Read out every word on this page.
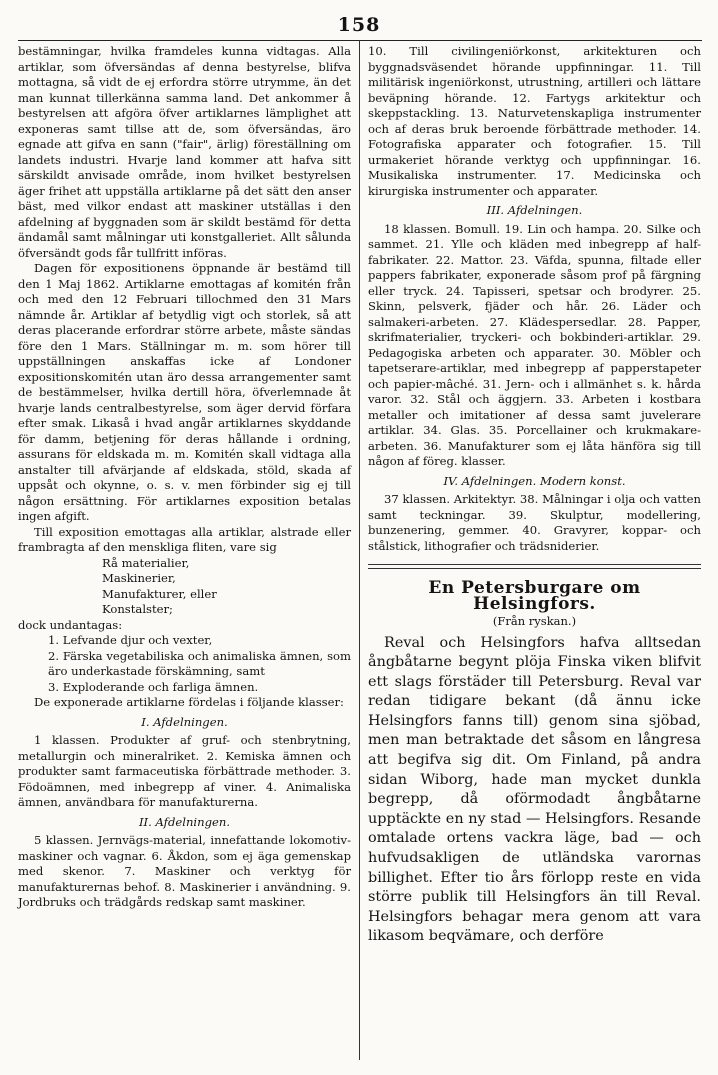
158

bestämningar, hvilka framdeles kunna vidtagas. Alla artiklar, som öfversändas af denna bestyrelse, blifva mottagna, så vidt de ej erfordra större utrymme, än det man kunnat tillerkänna samma land. Det ankommer å bestyrelsen att afgöra öfver artiklarnes lämplighet att exponeras samt tillse att de, som öfversändas, äro egnade att gifva en sann ("fair", ärlig) föreställning om landets industri. Hvarje land kommer att hafva sitt särskildt anvisade område, inom hvilket bestyrelsen äger frihet att uppställa artiklarne på det sätt den anser bäst, med vilkor endast att maskiner utställas i den afdelning af byggnaden som är skildt bestämd för detta ändamål samt målningar uti konstgalleriet. Allt sålunda öfversändt gods får tullfritt införas.

Dagen för expositionens öppnande är bestämd till den 1 Maj 1862. Artiklarne emottagas af komitén från och med den 12 Februari tillochmed den 31 Mars nämnde år. Artiklar af betydlig vigt och storlek, så att deras placerande erfordrar större arbete, måste sändas före den 1 Mars. Ställningar m. m. som hörer till uppställningen anskaffas icke af Londoner expositionskomitén utan äro dessa arrangementer samt de bestämmelser, hvilka dertill höra, öfverlemnade åt hvarje lands centralbestyrelse, som äger dervid förfara efter smak. Likaså i hvad angår artiklarnes skyddande för damm, betjening för deras hållande i ordning, assurans för eldskada m. m. Komitén skall vidtaga alla anstalter till afvärjande af eldskada, stöld, skada af uppsåt och okynne, o. s. v. men förbinder sig ej till någon ersättning. För artiklarnes exposition betalas ingen afgift.

Till exposition emottagas alla artiklar, alstrade eller frambragta af den menskliga fliten, vare sig

Rå materialier,
Maskinerier,
Manufakturer, eller
Konstalster;

dock undantagas:

1. Lefvande djur och vexter,
2. Färska vegetabiliska och animaliska ämnen, som äro underkastade förskämning, samt
3. Exploderande och farliga ämnen.

De exponerade artiklarne fördelas i följande klasser:

I. Afdelningen.

1 klassen. Produkter af gruf- och stenbrytning, metallurgin och mineralriket. 2. Kemiska ämnen och produkter samt farmaceutiska förbättrade methoder. 3. Födoämnen, med inbegrepp af viner. 4. Animaliska ämnen, användbara för manufakturerna.

II. Afdelningen.

5 klassen. Jernvägs-material, innefattande lokomotiv-maskiner och vagnar. 6. Åkdon, som ej äga gemenskap med skenor. 7. Maskiner och verktyg för manufakturernas behof. 8. Maskinerier i användning. 9. Jordbruks och trädgårds redskap samt maskiner.

10. Till civilingeniörkonst, arkitekturen och byggnadsväsendet hörande uppfinningar. 11. Till militärisk ingeniörkonst, utrustning, artilleri och lättare beväpning hörande. 12. Fartygs arkitektur och skeppstackling. 13. Naturvetenskapliga instrumenter och af deras bruk beroende förbättrade methoder. 14. Fotografiska apparater och fotografier. 15. Till urmakeriet hörande verktyg och uppfinningar. 16. Musikaliska instrumenter. 17. Medicinska och kirurgiska instrumenter och apparater.

III. Afdelningen.

18 klassen. Bomull. 19. Lin och hampa. 20. Silke och sammet. 21. Ylle och kläden med inbegrepp af half-fabrikater. 22. Mattor. 23. Väfda, spunna, filtade eller pappers fabrikater, exponerade såsom prof på färgning eller tryck. 24. Tapisseri, spetsar och brodyrer. 25. Skinn, pelsverk, fjäder och hår. 26. Läder och salmakeri-arbeten. 27. Klädespersedlar. 28. Papper, skrifmaterialier, tryckeri- och bokbinderi-artiklar. 29. Pedagogiska arbeten och apparater. 30. Möbler och tapetserare-artiklar, med inbegrepp af papperstapeter och papier-mâché. 31. Jern- och i allmänhet s. k. hårda varor. 32. Stål och äggjern. 33. Arbeten i kostbara metaller och imitationer af dessa samt juvelerare artiklar. 34. Glas. 35. Porcellainer och krukmakare-arbeten. 36. Manufakturer som ej låta hänföra sig till någon af föreg. klasser.

IV. Afdelningen. Modern konst.

37 klassen. Arkitektyr. 38. Målningar i olja och vatten samt teckningar. 39. Skulptur, modellering, bunzenering, gemmer. 40. Gravyrer, koppar- och stålstick, lithografier och trädsniderier.

En Petersburgare om Helsingfors.
(Från ryskan.)

Reval och Helsingfors hafva alltsedan ångbåtarne begynt plöja Finska viken blifvit ett slags förstäder till Petersburg. Reval var redan tidigare bekant (då ännu icke Helsingfors fanns till) genom sina sjöbad, men man betraktade det såsom en långresa att begifva sig dit. Om Finland, på andra sidan Wiborg, hade man mycket dunkla begrepp, då oförmodadt ångbåtarne upptäckte en ny stad — Helsingfors. Resande omtalade ortens vackra läge, bad — och hufvudsakligen de utländska varornas billighet. Efter tio års förlopp reste en vida större publik till Helsingfors än till Reval. Helsingfors behagar mera genom att vara likasom beqvämare, och derföre
